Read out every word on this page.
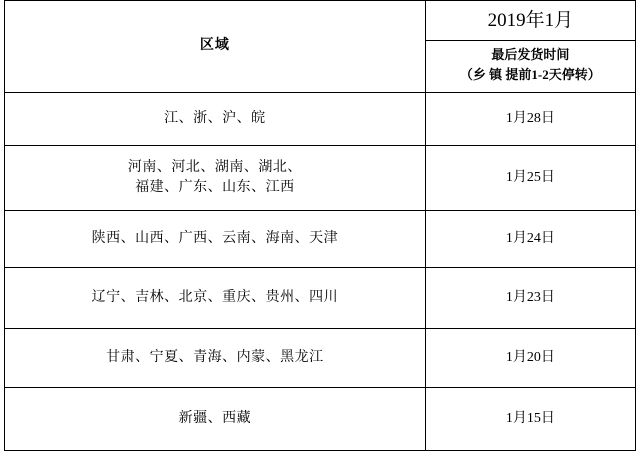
区域	2019年1月
最后发货时间
（乡 镇 提前1-2天停转）

江、浙、沪、皖	1月28日

河南、河北、湖南、湖北、
福建、广东、山东、江西	1月25日

陕西、山西、广西、云南、海南、天津	1月24日

辽宁、吉林、北京、重庆、贵州、四川	1月23日

甘肃、宁夏、青海、内蒙、黑龙江	1月20日

新疆、西藏	1月15日
